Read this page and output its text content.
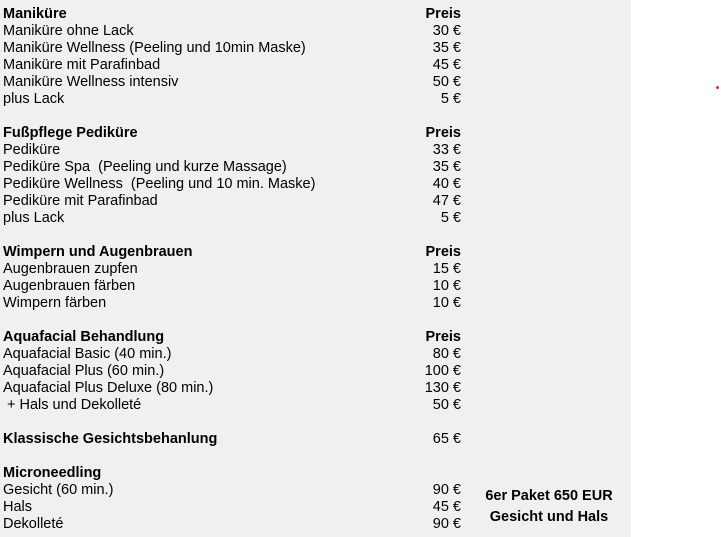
Maniküre	Preis
Maniküre ohne Lack	30 €
Maniküre Wellness (Peeling und 10min Maske)	35 €
Maniküre mit Parafinbad	45 €
Maniküre Wellness intensiv	50 €
plus Lack	5 €
Fußpflege Pediküre	Preis
Pediküre	33 €
Pediküre Spa  (Peeling und kurze Massage)	35 €
Pediküre Wellness  (Peeling und 10 min. Maske)	40 €
Pediküre mit Parafinbad	47 €
plus Lack	5 €
Wimpern und Augenbrauen	Preis
Augenbrauen zupfen	15 €
Augenbrauen färben	10 €
Wimpern färben	10 €
Aquafacial Behandlung	Preis
Aquafacial Basic (40 min.)	80 €
Aquafacial Plus (60 min.)	100 €
Aquafacial Plus Deluxe (80 min.)	130 €
+ Hals und Dekolleté	50 €
Klassische Gesichtsbehanlung	65 €
Microneedling
Gesicht (60 min.)	90 €
Hals	45 €
Dekolleté	90 €
6er Paket 650 EUR
Gesicht und Hals
